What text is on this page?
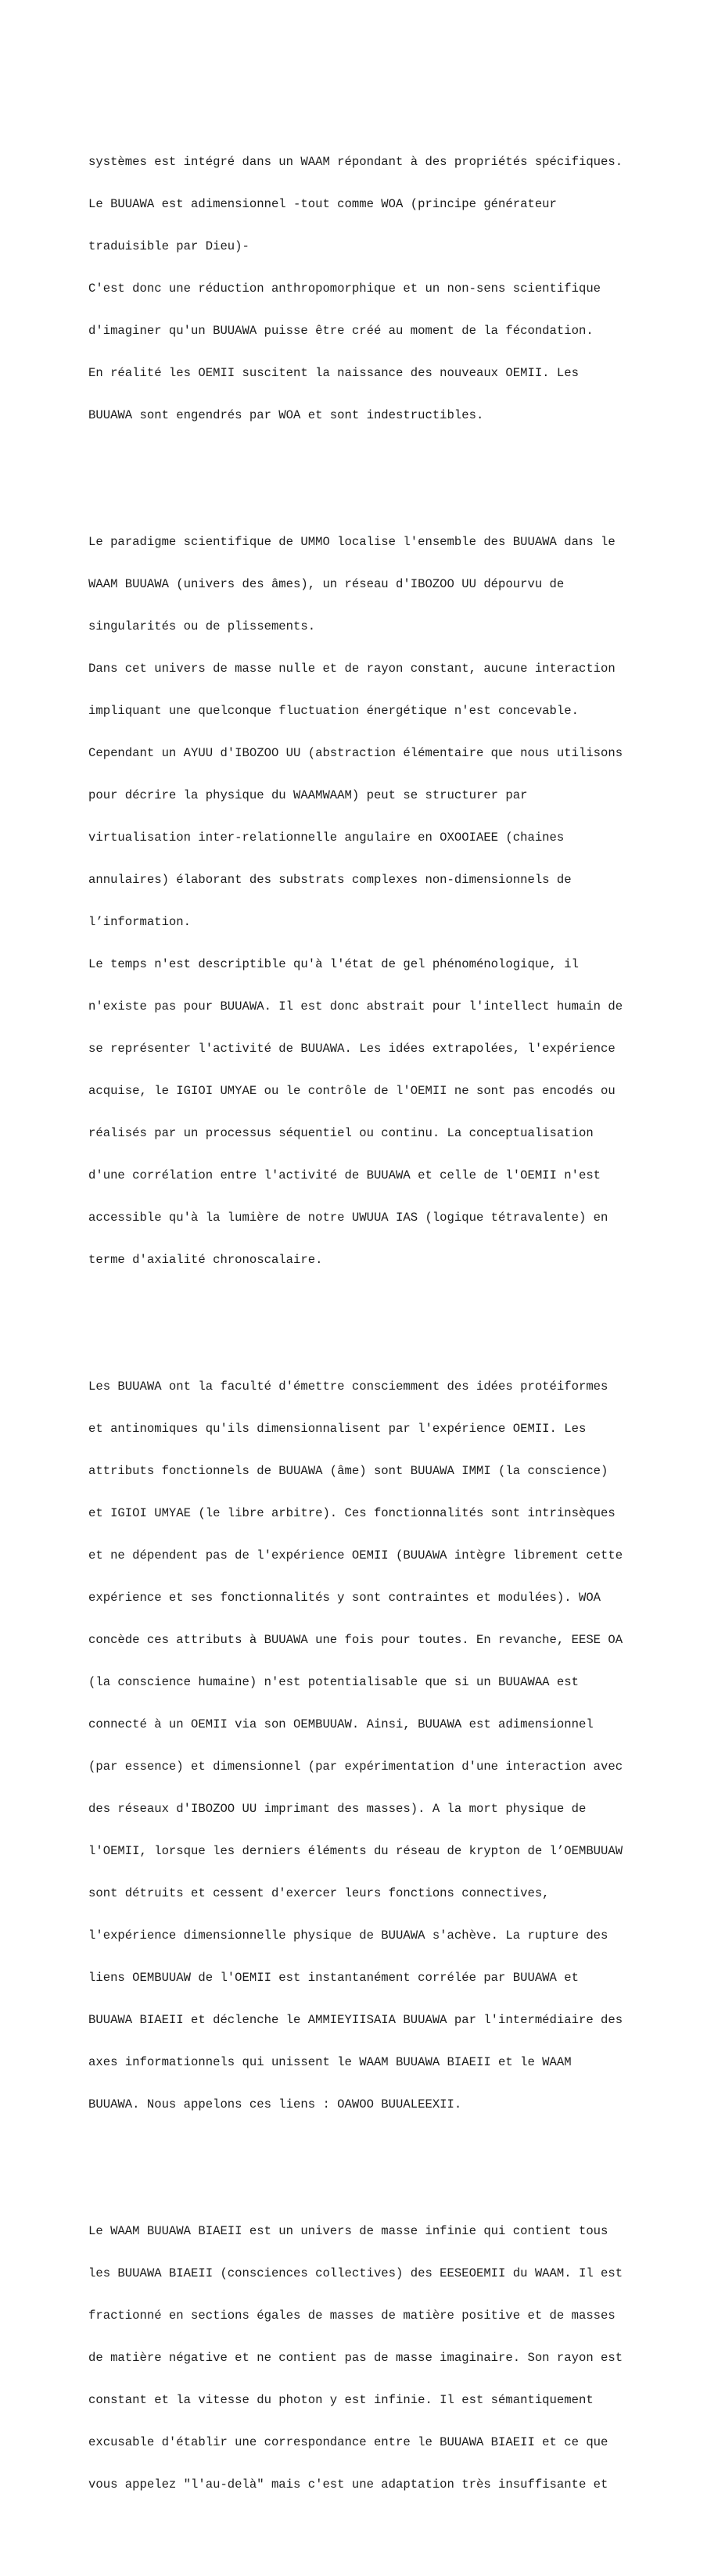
systèmes est intégré dans un WAAM répondant à des propriétés spécifiques.

Le BUUAWA est adimensionnel -tout comme WOA (principe générateur

traduisible par Dieu)-

C'est donc une réduction anthropomorphique et un non-sens scientifique

d'imaginer qu'un BUUAWA puisse être créé au moment de la fécondation.

En réalité les OEMII suscitent la naissance des nouveaux OEMII. Les

BUUAWA sont engendrés par WOA et sont indestructibles.

Le paradigme scientifique de UMMO localise l'ensemble des BUUAWA dans le

WAAM BUUAWA (univers des âmes), un réseau d'IBOZOO UU dépourvu de

singularités ou de plissements.

Dans cet univers de masse nulle et de rayon constant, aucune interaction

impliquant une quelconque fluctuation énergétique n'est concevable.

Cependant un AYUU d'IBOZOO UU (abstraction élémentaire que nous utilisons

pour décrire la physique du WAAMWAAM) peut se structurer par

virtualisation inter-relationnelle angulaire en OXOOIAEE (chaines

annulaires) élaborant des substrats complexes non-dimensionnels de

l’information.

Le temps n'est descriptible qu'à l'état de gel phénoménologique, il

n'existe pas pour BUUAWA. Il est donc abstrait pour l'intellect humain de

se représenter l'activité de BUUAWA. Les idées extrapolées, l'expérience

acquise, le IGIOI UMYAE ou le contrôle de l'OEMII ne sont pas encodés ou

réalisés par un processus séquentiel ou continu. La conceptualisation

d'une corrélation entre l'activité de BUUAWA et celle de l'OEMII n'est

accessible qu'à la lumière de notre UWUUA IAS (logique tétravalente) en

terme d'axialité chronoscalaire.

Les BUUAWA ont la faculté d'émettre consciemment des idées protéiformes

et antinomiques qu'ils dimensionnalisent par l'expérience OEMII. Les

attributs fonctionnels de BUUAWA (âme) sont BUUAWA IMMI (la conscience)

et IGIOI UMYAE (le libre arbitre). Ces fonctionnalités sont intrinsèques

et ne dépendent pas de l'expérience OEMII (BUUAWA intègre librement cette

expérience et ses fonctionnalités y sont contraintes et modulées). WOA

concède ces attributs à BUUAWA une fois pour toutes. En revanche, EESE OA

(la conscience humaine) n'est potentialisable que si un BUUAWAA est

connecté à un OEMII via son OEMBUUAW. Ainsi, BUUAWA est adimensionnel

(par essence) et dimensionnel (par expérimentation d'une interaction avec

des réseaux d'IBOZOO UU imprimant des masses). A la mort physique de

l'OEMII, lorsque les derniers éléments du réseau de krypton de l’OEMBUUAW

sont détruits et cessent d'exercer leurs fonctions connectives,

l'expérience dimensionnelle physique de BUUAWA s'achève. La rupture des

liens OEMBUUAW de l'OEMII est instantanément corrélée par BUUAWA et

BUUAWA BIAEII et déclenche le AMMIEYIISAIA BUUAWA par l'intermédiaire des

axes informationnels qui unissent le WAAM BUUAWA BIAEII et le WAAM

BUUAWA. Nous appelons ces liens : OAWOO BUUALEEXII.

Le WAAM BUUAWA BIAEII est un univers de masse infinie qui contient tous

les BUUAWA BIAEII (consciences collectives) des EESEOEMII du WAAM. Il est

fractionné en sections égales de masses de matière positive et de masses

de matière négative et ne contient pas de masse imaginaire. Son rayon est

constant et la vitesse du photon y est infinie. Il est sémantiquement

excusable d'établir une correspondance entre le BUUAWA BIAEII et ce que

vous appelez "l'au-delà" mais c'est une adaptation très insuffisante et
